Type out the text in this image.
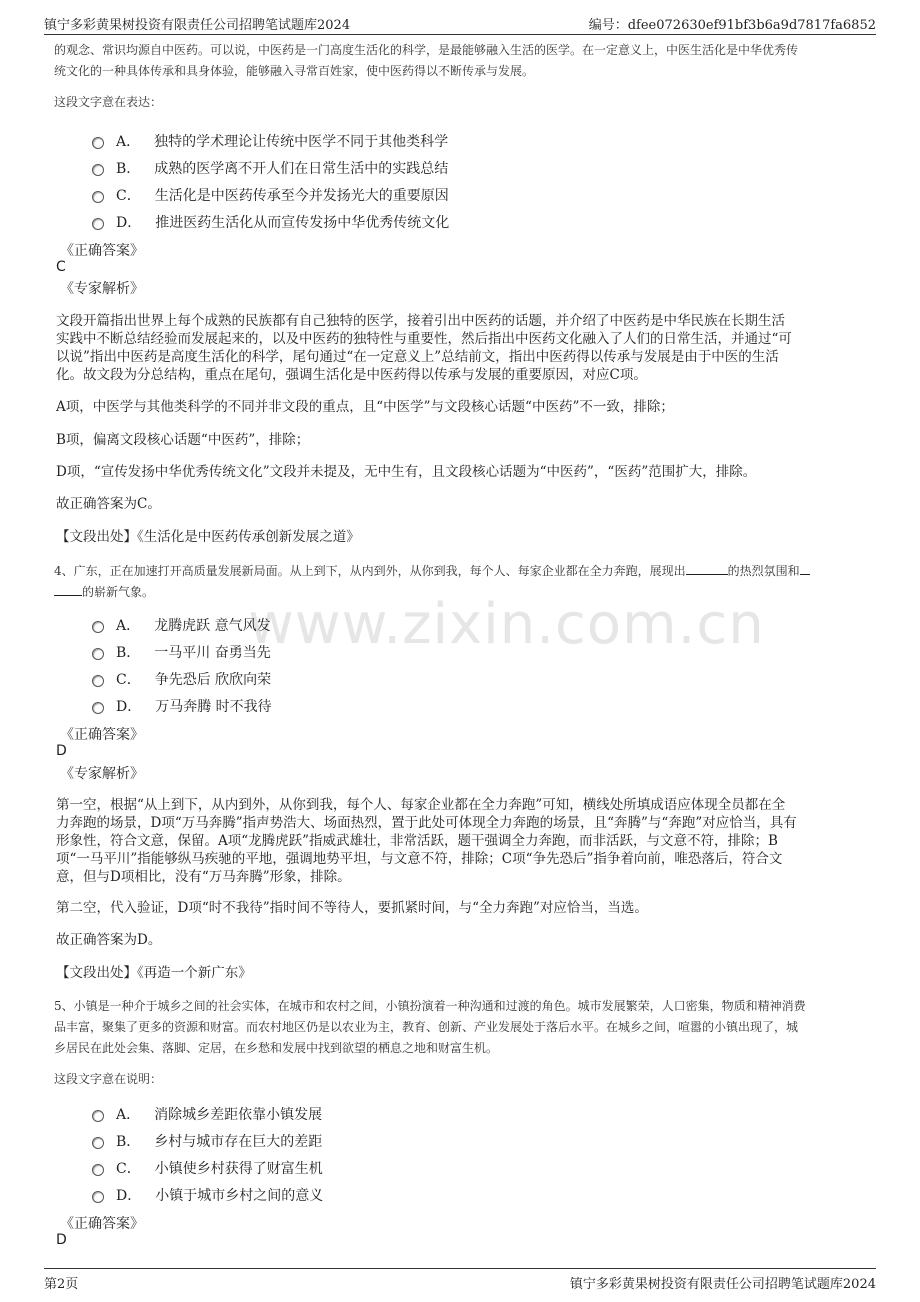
www.zixin.com.cn
镇宁多彩黄果树投资有限责任公司招聘笔试题库2024	编号：dfee072630ef91bf3b6a9d7817fa6852
的观念、常识均源自中医药。可以说，中医药是一门高度生活化的科学，是最能够融入生活的医学。在一定意义上，中医生活化是中华优秀传
统文化的一种具体传承和具身体验，能够融入寻常百姓家，使中医药得以不断传承与发展。
这段文字意在表达：
A． 独特的学术理论让传统中医学不同于其他类科学
B． 成熟的医学离不开人们在日常生活中的实践总结
C． 生活化是中医药传承至今并发扬光大的重要原因
D． 推进医药生活化从而宣传发扬中华优秀传统文化
《正确答案》
C
《专家解析》
文段开篇指出世界上每个成熟的民族都有自己独特的医学，接着引出中医药的话题，并介绍了中医药是中华民族在长期生活
实践中不断总结经验而发展起来的，以及中医药的独特性与重要性，然后指出中医药文化融入了人们的日常生活，并通过“可
以说”指出中医药是高度生活化的科学，尾句通过“在一定意义上”总结前文，指出中医药得以传承与发展是由于中医的生活
化。故文段为分总结构，重点在尾句，强调生活化是中医药得以传承与发展的重要原因，对应C项。
A项，中医学与其他类科学的不同并非文段的重点，且“中医学”与文段核心话题“中医药”不一致，排除；
B项，偏离文段核心话题“中医药”，排除；
D项，“宣传发扬中华优秀传统文化”文段并未提及，无中生有，且文段核心话题为“中医药”，“医药”范围扩大，排除。
故正确答案为C。
【文段出处】《生活化是中医药传承创新发展之道》
4、广东，正在加速打开高质量发展新局面。从上到下，从内到外，从你到我，每个人、每家企业都在全力奔跑，展现出	的热烈氛围和
的崭新气象。
A． 龙腾虎跃 意气风发
B． 一马平川 奋勇当先
C． 争先恐后 欣欣向荣
D． 万马奔腾 时不我待
《正确答案》
D
《专家解析》
第一空，根据“从上到下，从内到外，从你到我，每个人、每家企业都在全力奔跑”可知，横线处所填成语应体现全员都在全
力奔跑的场景，D项“万马奔腾”指声势浩大、场面热烈，置于此处可体现全力奔跑的场景，且“奔腾”与“奔跑”对应恰当，具有
形象性，符合文意，保留。A项“龙腾虎跃”指威武雄壮，非常活跃，题干强调全力奔跑，而非活跃，与文意不符，排除；B
项“一马平川”指能够纵马疾驰的平地，强调地势平坦，与文意不符，排除；C项“争先恐后”指争着向前，唯恐落后，符合文
意，但与D项相比，没有“万马奔腾”形象，排除。
第二空，代入验证，D项“时不我待”指时间不等待人，要抓紧时间，与“全力奔跑”对应恰当，当选。
故正确答案为D。
【文段出处】《再造一个新广东》
5、小镇是一种介于城乡之间的社会实体，在城市和农村之间，小镇扮演着一种沟通和过渡的角色。城市发展繁荣，人口密集，物质和精神消费
品丰富，聚集了更多的资源和财富。而农村地区仍是以农业为主，教育、创新、产业发展处于落后水平。在城乡之间，喧嚣的小镇出现了，城
乡居民在此处会集、落脚、定居，在乡愁和发展中找到欲望的栖息之地和财富生机。
这段文字意在说明：
A． 消除城乡差距依靠小镇发展
B． 乡村与城市存在巨大的差距
C． 小镇使乡村获得了财富生机
D． 小镇于城市乡村之间的意义
《正确答案》
D
第2页	镇宁多彩黄果树投资有限责任公司招聘笔试题库2024
